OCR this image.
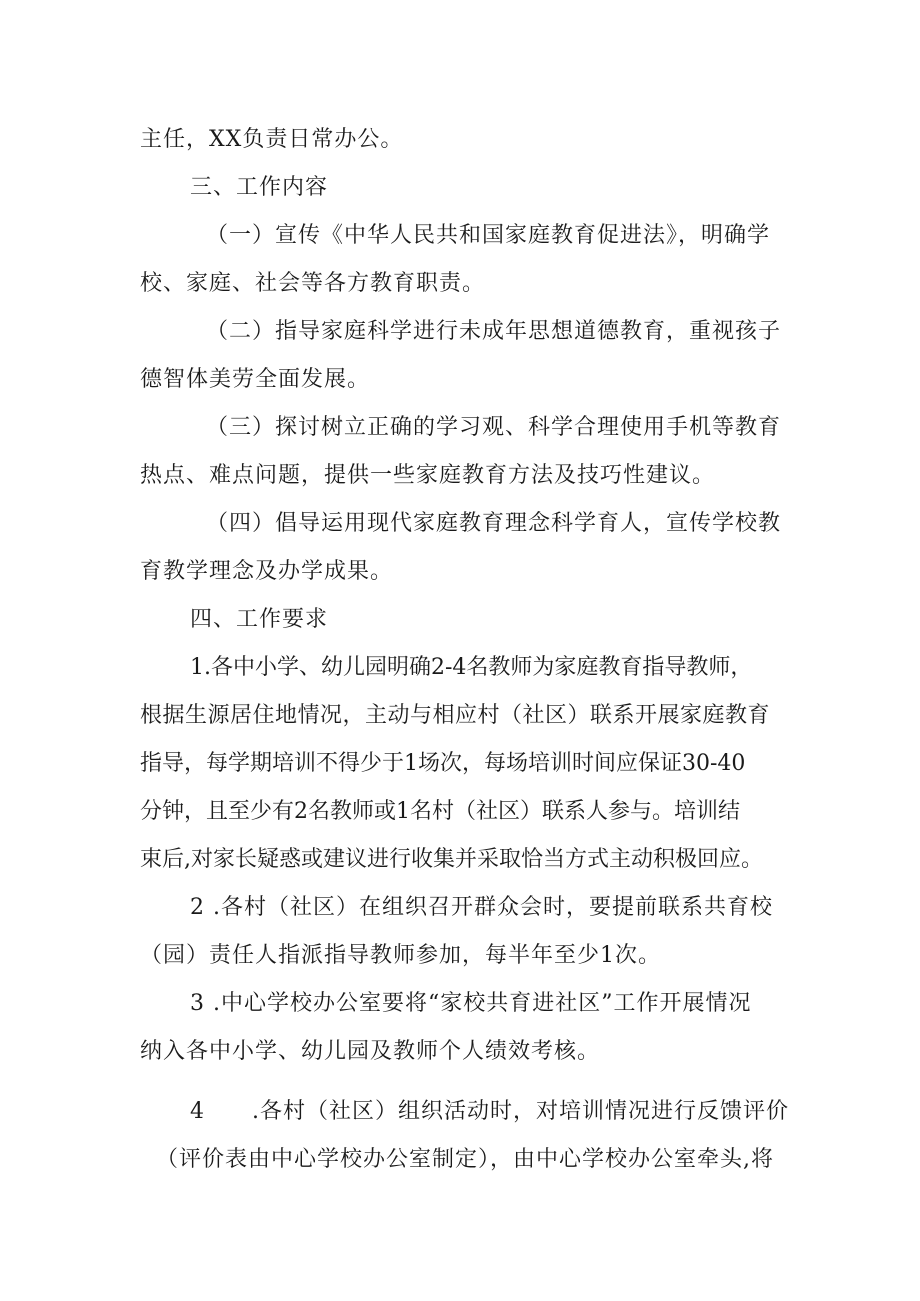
主任，XX负责日常办公。
三、工作内容
（一）宣传《中华人民共和国家庭教育促进法》，明确学
校、家庭、社会等各方教育职责。
（二）指导家庭科学进行未成年思想道德教育，重视孩子
德智体美劳全面发展。
（三）探讨树立正确的学习观、科学合理使用手机等教育
热点、难点问题，提供一些家庭教育方法及技巧性建议。
（四）倡导运用现代家庭教育理念科学育人，宣传学校教
育教学理念及办学成果。
四、工作要求
1.各中小学、幼儿园明确2-4名教师为家庭教育指导教师，
根据生源居住地情况，主动与相应村（社区）联系开展家庭教育
指导，每学期培训不得少于1场次，每场培训时间应保证30-40
分钟，且至少有2名教师或1名村（社区）联系人参与。培训结
束后,对家长疑惑或建议进行收集并采取恰当方式主动积极回应。
2 .各村（社区）在组织召开群众会时，要提前联系共育校
（园）责任人指派指导教师参加，每半年至少1次。
3 .中心学校办公室要将“家校共育进社区”工作开展情况
纳入各中小学、幼儿园及教师个人绩效考核。
4 .各村（社区）组织活动时，对培训情况进行反馈评价
（评价表由中心学校办公室制定），由中心学校办公室牵头,将
